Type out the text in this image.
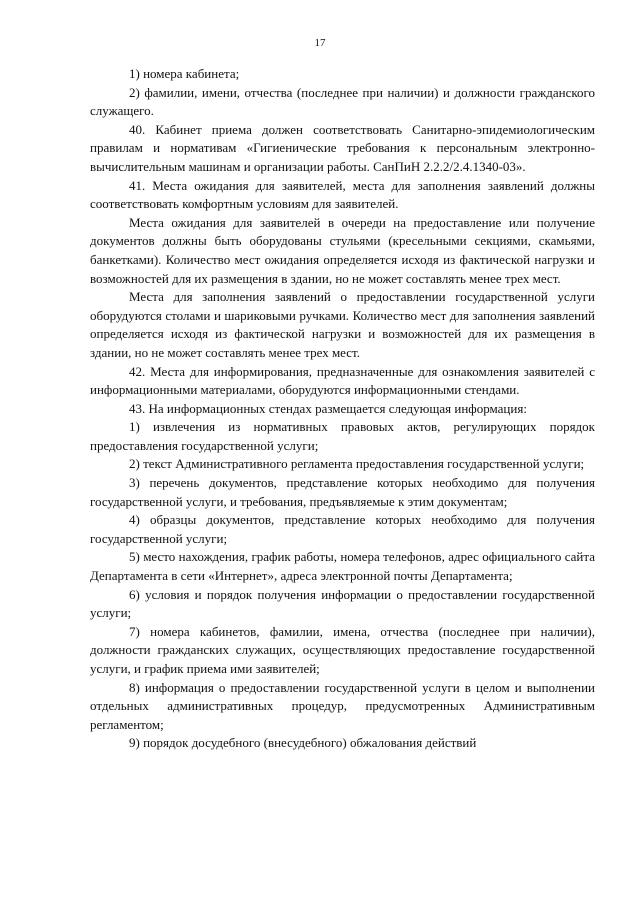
17

1) номера кабинета;

2) фамилии, имени, отчества (последнее при наличии) и должности гражданского служащего.

40. Кабинет приема должен соответствовать Санитарно-эпидемиологическим правилам и нормативам «Гигиенические требования к персональным электронно-вычислительным машинам и организации работы. СанПиН 2.2.2/2.4.1340-03».

41. Места ожидания для заявителей, места для заполнения заявлений должны соответствовать комфортным условиям для заявителей.

Места ожидания для заявителей в очереди на предоставление или получение документов должны быть оборудованы стульями (кресельными секциями, скамьями, банкетками). Количество мест ожидания определяется исходя из фактической нагрузки и возможностей для их размещения в здании, но не может составлять менее трех мест.

Места для заполнения заявлений о предоставлении государственной услуги оборудуются столами и шариковыми ручками. Количество мест для заполнения заявлений определяется исходя из фактической нагрузки и возможностей для их размещения в здании, но не может составлять менее трех мест.

42. Места для информирования, предназначенные для ознакомления заявителей с информационными материалами, оборудуются информационными стендами.

43. На информационных стендах размещается следующая информация:

1) извлечения из нормативных правовых актов, регулирующих порядок предоставления государственной услуги;

2) текст Административного регламента предоставления государственной услуги;

3) перечень документов, представление которых необходимо для получения государственной услуги, и требования, предъявляемые к этим документам;

4) образцы документов, представление которых необходимо для получения государственной услуги;

5) место нахождения, график работы, номера телефонов, адрес официального сайта Департамента в сети «Интернет», адреса электронной почты Департамента;

6) условия и порядок получения информации о предоставлении государственной услуги;

7) номера кабинетов, фамилии, имена, отчества (последнее при наличии), должности гражданских служащих, осуществляющих предоставление государственной услуги, и график приема ими заявителей;

8) информация о предоставлении государственной услуги в целом и выполнении отдельных административных процедур, предусмотренных Административным регламентом;

9) порядок досудебного (внесудебного) обжалования действий
